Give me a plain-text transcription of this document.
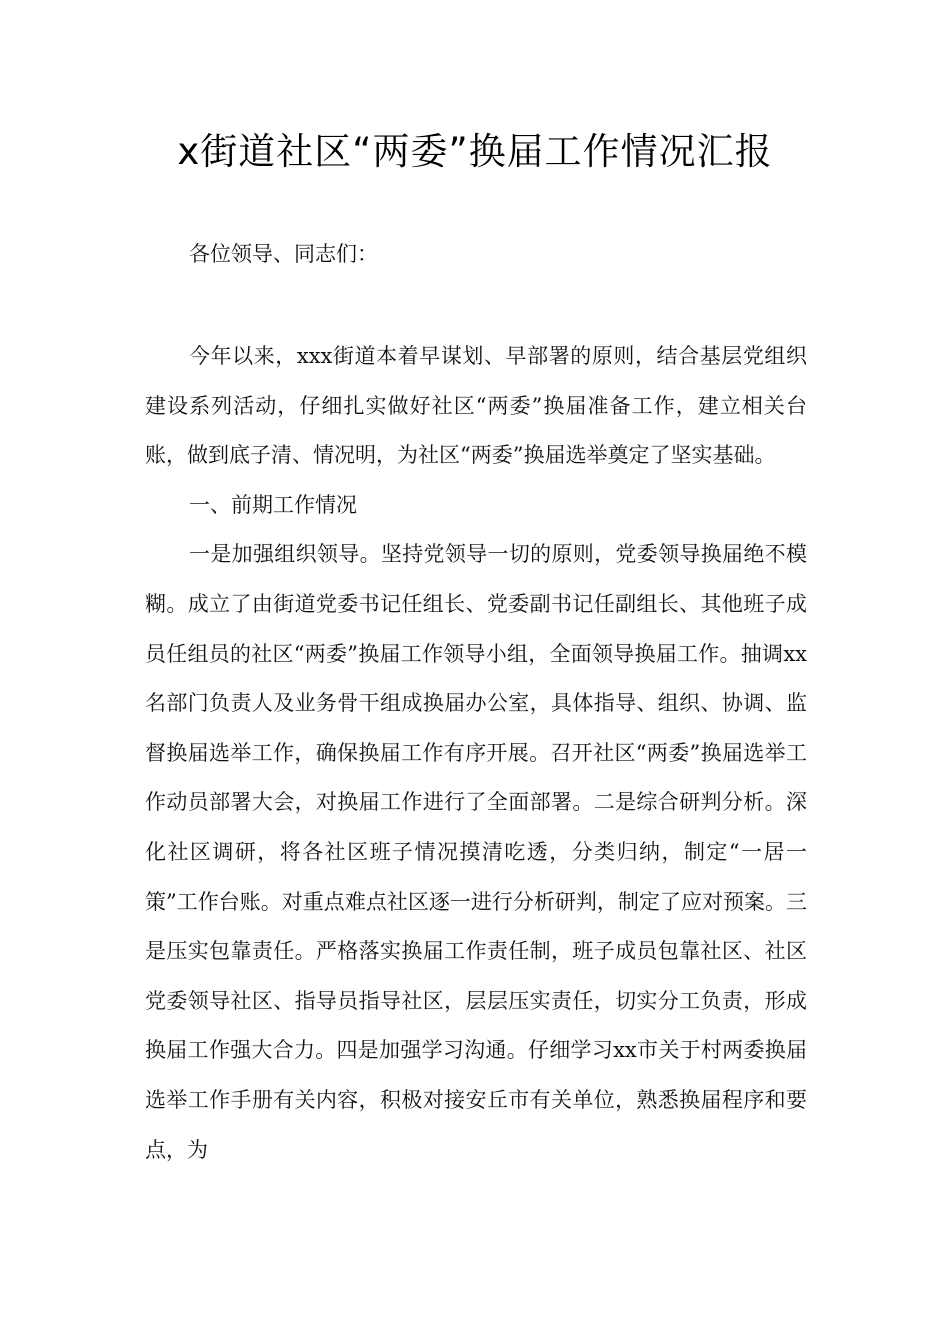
x街道社区“两委”换届工作情况汇报
各位领导、同志们：

今年以来，xxx街道本着早谋划、早部署的原则，结合基层党组织建设系列活动，仔细扎实做好社区“两委”换届准备工作，建立相关台账，做到底子清、情况明，为社区“两委”换届选举奠定了坚实基础。

一、前期工作情况

一是加强组织领导。坚持党领导一切的原则，党委领导换届绝不模糊。成立了由街道党委书记任组长、党委副书记任副组长、其他班子成员任组员的社区“两委”换届工作领导小组，全面领导换届工作。抽调xx名部门负责人及业务骨干组成换届办公室，具体指导、组织、协调、监督换届选举工作，确保换届工作有序开展。召开社区“两委”换届选举工作动员部署大会，对换届工作进行了全面部署。二是综合研判分析。深化社区调研，将各社区班子情况摸清吃透，分类归纳，制定“一居一策”工作台账。对重点难点社区逐一进行分析研判，制定了应对预案。三是压实包靠责任。严格落实换届工作责任制，班子成员包靠社区、社区党委领导社区、指导员指导社区，层层压实责任，切实分工负责，形成换届工作强大合力。四是加强学习沟通。仔细学习xx市关于村两委换届选举工作手册有关内容，积极对接安丘市有关单位，熟悉换届程序和要点，为
